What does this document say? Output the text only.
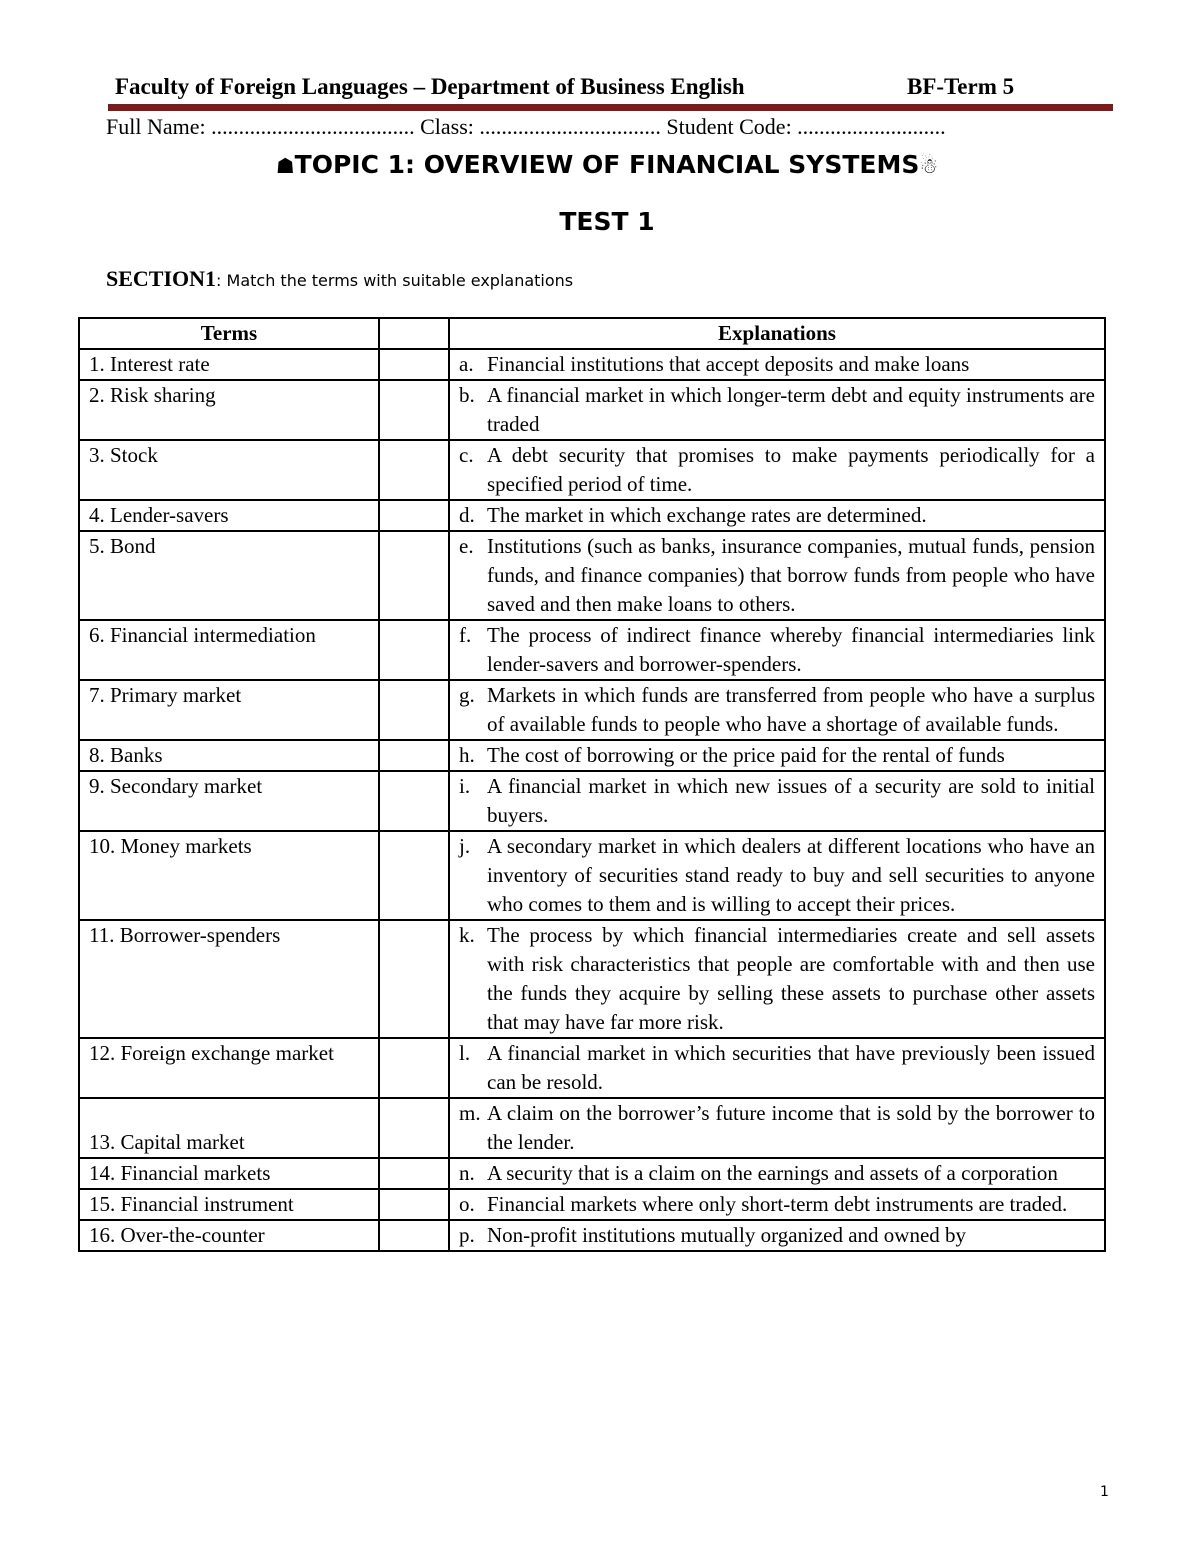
Faculty of Foreign Languages – Department of Business English	BF-Term 5
Full Name: ..................................... Class: ................................. Student Code: ...........................
☗TOPIC 1: OVERVIEW OF FINANCIAL SYSTEMS☃
TEST 1
SECTION1: Match the terms with suitable explanations
Terms		Explanations
1. Interest rate		a. Financial institutions that accept deposits and make loans

2. Risk sharing		b. A financial market in which longer-term debt and equity instruments are traded

3. Stock		c. A debt security that promises to make payments periodically for a specified period of time.

4. Lender-savers		d. The market in which exchange rates are determined.

5. Bond		e. Institutions (such as banks, insurance companies, mutual funds, pension funds, and finance companies) that borrow funds from people who have saved and then make loans to others.

6. Financial intermediation		f. The process of indirect finance whereby financial intermediaries link lender-savers and borrower-spenders.

7. Primary market		g. Markets in which funds are transferred from people who have a surplus of available funds to people who have a shortage of available funds.

8. Banks		h. The cost of borrowing or the price paid for the rental of funds

9. Secondary market		i. A financial market in which new issues of a security are sold to initial buyers.

10. Money markets		j. A secondary market in which dealers at different locations who have an inventory of securities stand ready to buy and sell securities to anyone who comes to them and is willing to accept their prices.

11. Borrower-spenders		k. The process by which financial intermediaries create and sell assets with risk characteristics that people are comfortable with and then use the funds they acquire by selling these assets to purchase other assets that may have far more risk.

12. Foreign exchange market		l. A financial market in which securities that have previously been issued can be resold.

13. Capital market		m. A claim on the borrower’s future income that is sold by the borrower to the lender.

14. Financial markets		n. A security that is a claim on the earnings and assets of a corporation

15. Financial instrument		o. Financial markets where only short-term debt instruments are traded.

16. Over-the-counter		p. Non-profit institutions mutually organized and owned by
1
